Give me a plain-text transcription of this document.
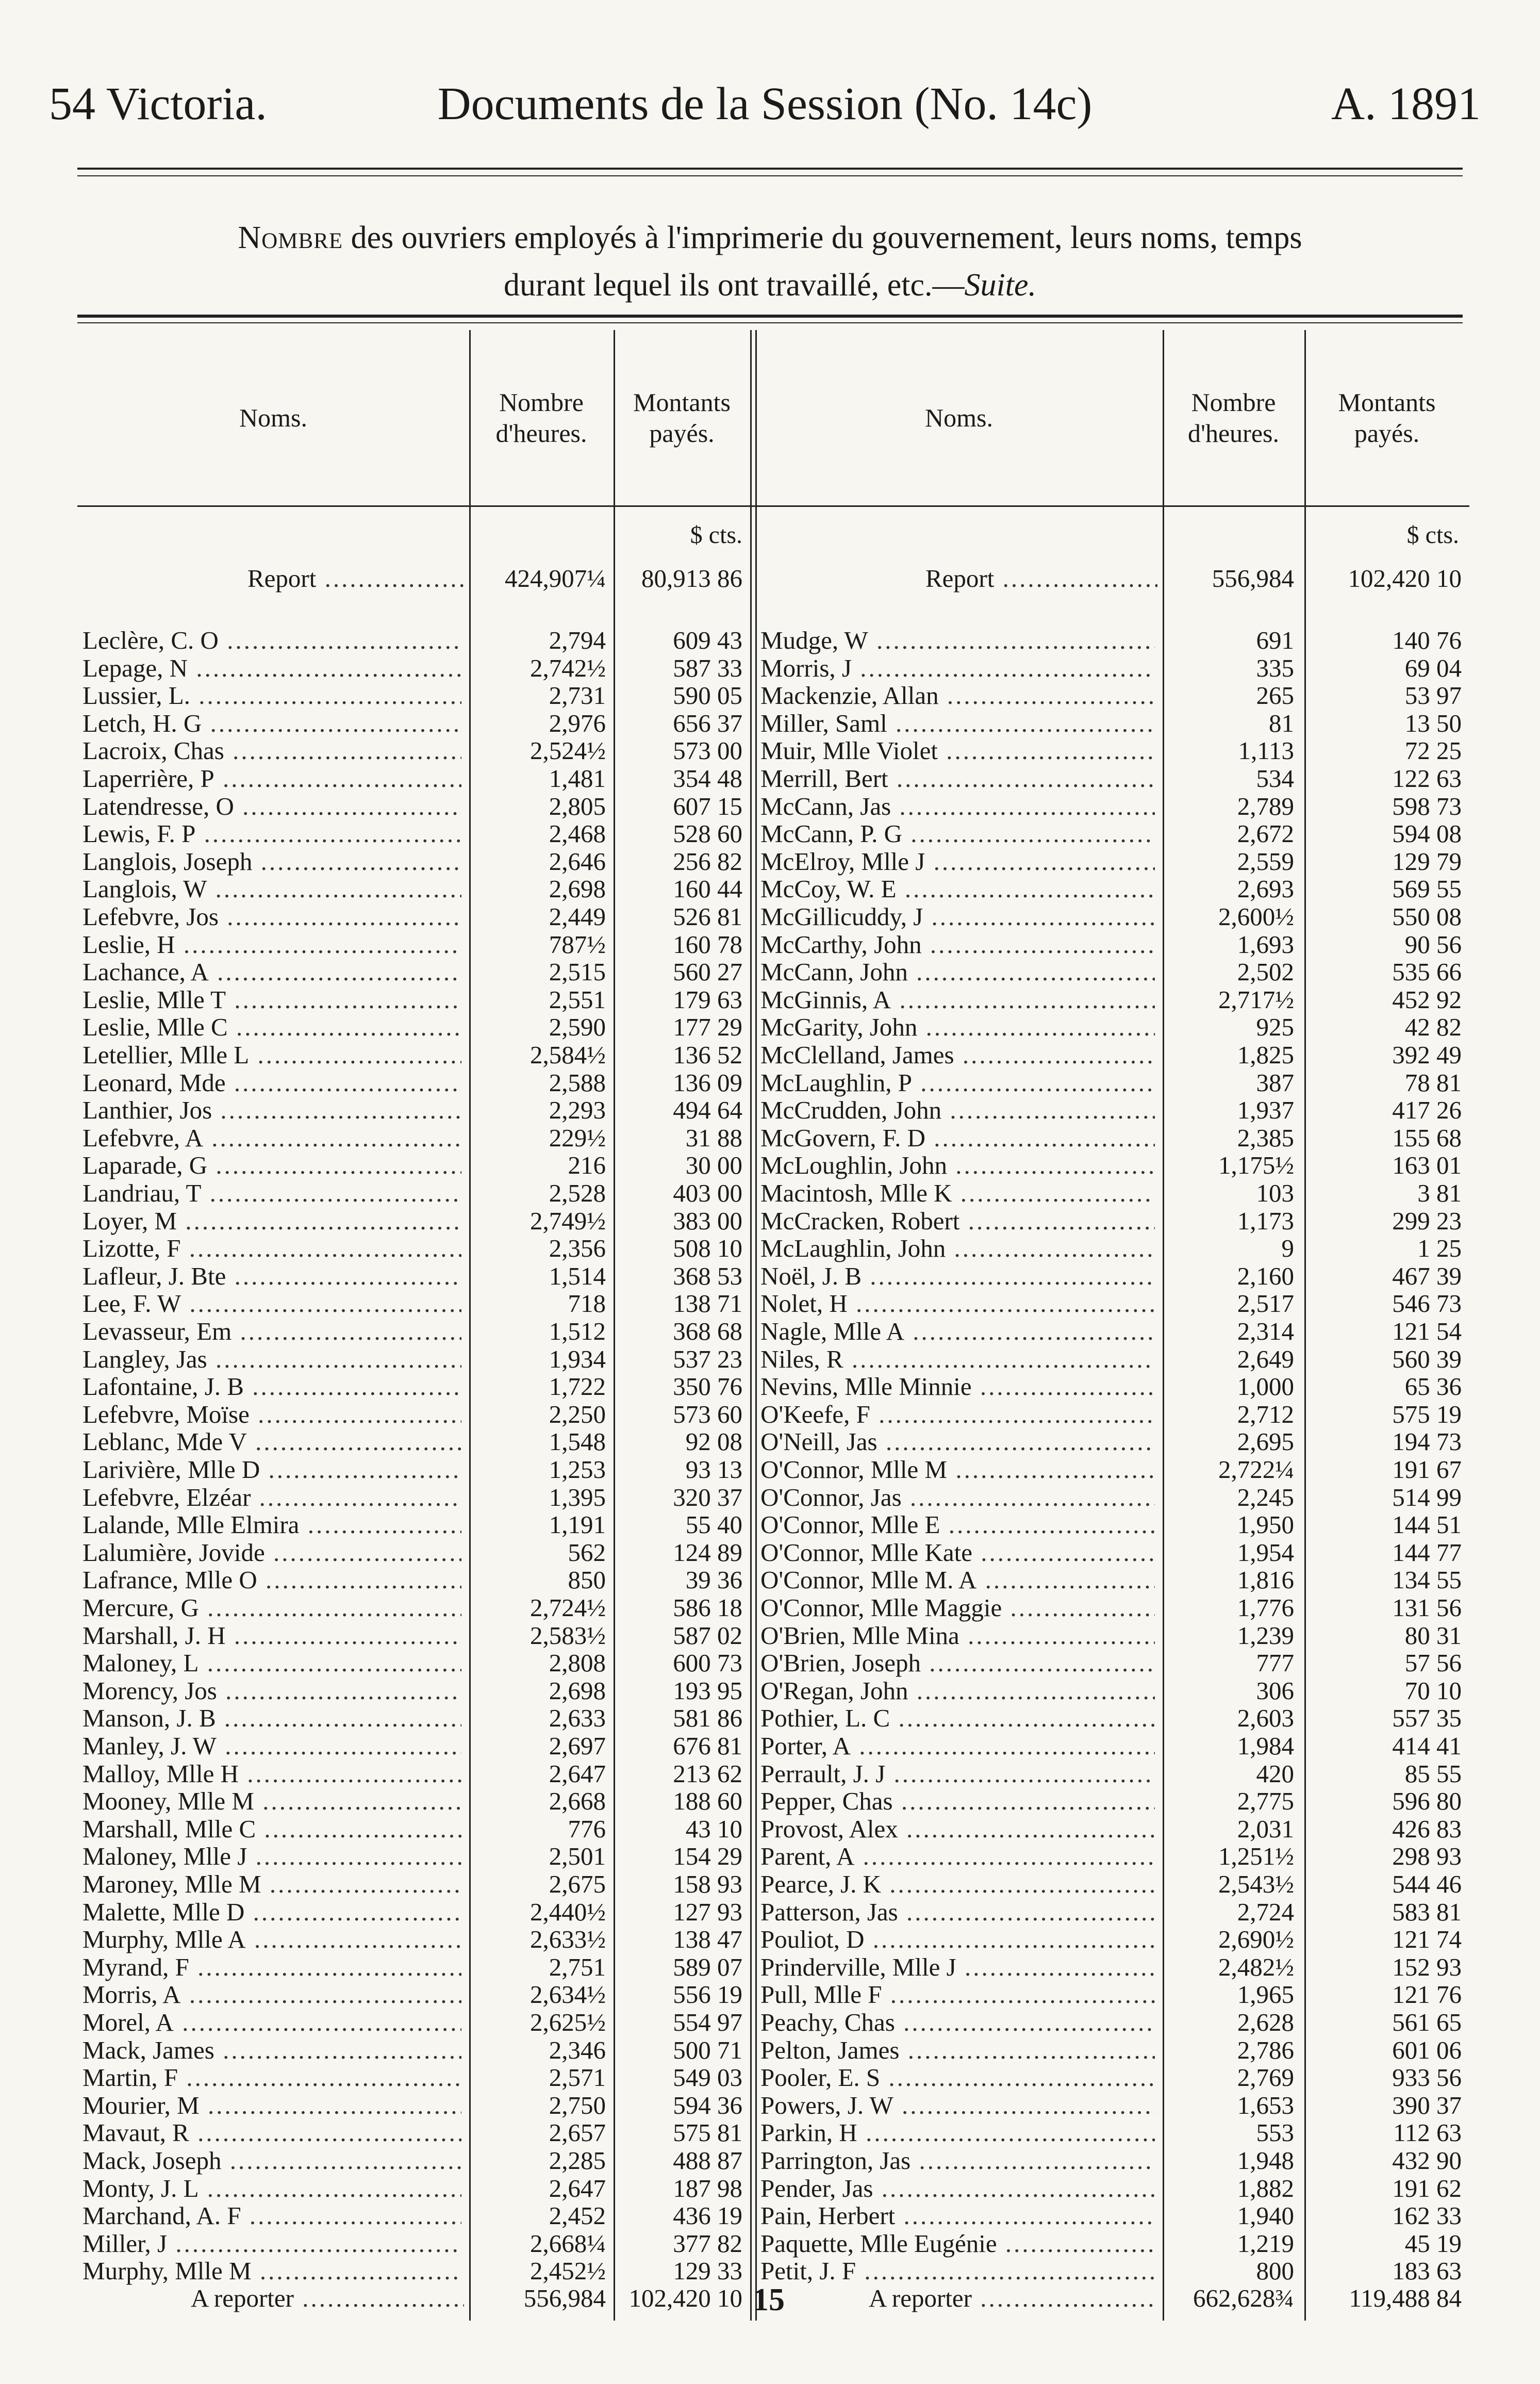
54 Victoria.	Documents de la Session (No. 14c)	A. 1891
Nombre des ouvriers employés à l'imprimerie du gouvernement, leurs noms, temps
durant lequel ils ont travaillé, etc.—Suite.
Noms.
Nombre d'heures.
Montants payés.
Noms.
Nombre d'heures.
Montants payés.
$ cts.	$ cts.
Report .....	424,907¼	80,913 86	Report .....	556,984	102,420 10
Leclère, C. O .....	2,794	609 43
Lepage, N .....	2,742½	587 33
Lussier, L. .....	2,731	590 05
Letch, H. G .....	2,976	656 37
Lacroix, Chas .....	2,524½	573 00
Laperrière, P .....	1,481	354 48
Latendresse, O .....	2,805	607 15
Lewis, F. P .....	2,468	528 60
Langlois, Joseph .....	2,646	256 82
Langlois, W .....	2,698	160 44
Lefebvre, Jos .....	2,449	526 81
Leslie, H .....	787½	160 78
Lachance, A .....	2,515	560 27
Leslie, Mlle T .....	2,551	179 63
Leslie, Mlle C .....	2,590	177 29
Letellier, Mlle L .....	2,584½	136 52
Leonard, Mde .....	2,588	136 09
Lanthier, Jos .....	2,293	494 64
Lefebvre, A .....	229½	31 88
Laparade, G .....	216	30 00
Landriau, T .....	2,528	403 00
Loyer, M .....	2,749½	383 00
Lizotte, F .....	2,356	508 10
Lafleur, J. Bte .....	1,514	368 53
Lee, F. W .....	718	138 71
Levasseur, Em .....	1,512	368 68
Langley, Jas .....	1,934	537 23
Lafontaine, J. B .....	1,722	350 76
Lefebvre, Moïse .....	2,250	573 60
Leblanc, Mde V .....	1,548	92 08
Larivière, Mlle D .....	1,253	93 13
Lefebvre, Elzéar .....	1,395	320 37
Lalande, Mlle Elmira .....	1,191	55 40
Lalumière, Jovide .....	562	124 89
Lafrance, Mlle O .....	850	39 36
Mercure, G .....	2,724½	586 18
Marshall, J. H .....	2,583½	587 02
Maloney, L .....	2,808	600 73
Morency, Jos .....	2,698	193 95
Manson, J. B .....	2,633	581 86
Manley, J. W .....	2,697	676 81
Malloy, Mlle H .....	2,647	213 62
Mooney, Mlle M .....	2,668	188 60
Marshall, Mlle C .....	776	43 10
Maloney, Mlle J .....	2,501	154 29
Maroney, Mlle M .....	2,675	158 93
Malette, Mlle D .....	2,440½	127 93
Murphy, Mlle A .....	2,633½	138 47
Myrand, F .....	2,751	589 07
Morris, A .....	2,634½	556 19
Morel, A .....	2,625½	554 97
Mack, James .....	2,346	500 71
Martin, F .....	2,571	549 03
Mourier, M .....	2,750	594 36
Mavaut, R .....	2,657	575 81
Mack, Joseph .....	2,285	488 87
Monty, J. L .....	2,647	187 98
Marchand, A. F .....	2,452	436 19
Miller, J .....	2,668¼	377 82
Murphy, Mlle M .....	2,452½	129 33
Mudge, W .....	691	140 76
Morris, J .....	335	69 04
Mackenzie, Allan .....	265	53 97
Miller, Saml .....	81	13 50
Muir, Mlle Violet .....	1,113	72 25
Merrill, Bert .....	534	122 63
McCann, Jas .....	2,789	598 73
McCann, P. G .....	2,672	594 08
McElroy, Mlle J .....	2,559	129 79
McCoy, W. E .....	2,693	569 55
McGillicuddy, J .....	2,600½	550 08
McCarthy, John .....	1,693	90 56
McCann, John .....	2,502	535 66
McGinnis, A .....	2,717½	452 92
McGarity, John .....	925	42 82
McClelland, James .....	1,825	392 49
McLaughlin, P .....	387	78 81
McCrudden, John .....	1,937	417 26
McGovern, F. D .....	2,385	155 68
McLoughlin, John .....	1,175½	163 01
Macintosh, Mlle K .....	103	3 81
McCracken, Robert .....	1,173	299 23
McLaughlin, John .....	9	1 25
Noël, J. B .....	2,160	467 39
Nolet, H .....	2,517	546 73
Nagle, Mlle A .....	2,314	121 54
Niles, R .....	2,649	560 39
Nevins, Mlle Minnie .....	1,000	65 36
O'Keefe, F .....	2,712	575 19
O'Neill, Jas .....	2,695	194 73
O'Connor, Mlle M .....	2,722¼	191 67
O'Connor, Jas .....	2,245	514 99
O'Connor, Mlle E .....	1,950	144 51
O'Connor, Mlle Kate .....	1,954	144 77
O'Connor, Mlle M. A .....	1,816	134 55
O'Connor, Mlle Maggie .....	1,776	131 56
O'Brien, Mlle Mina .....	1,239	80 31
O'Brien, Joseph .....	777	57 56
O'Regan, John .....	306	70 10
Pothier, L. C .....	2,603	557 35
Porter, A .....	1,984	414 41
Perrault, J. J .....	420	85 55
Pepper, Chas .....	2,775	596 80
Provost, Alex .....	2,031	426 83
Parent, A .....	1,251½	298 93
Pearce, J. K .....	2,543½	544 46
Patterson, Jas .....	2,724	583 81
Pouliot, D .....	2,690½	121 74
Prinderville, Mlle J .....	2,482½	152 93
Pull, Mlle F .....	1,965	121 76
Peachy, Chas .....	2,628	561 65
Pelton, James .....	2,786	601 06
Pooler, E. S .....	2,769	933 56
Powers, J. W .....	1,653	390 37
Parkin, H .....	553	112 63
Parrington, Jas .....	1,948	432 90
Pender, Jas .....	1,882	191 62
Pain, Herbert .....	1,940	162 33
Paquette, Mlle Eugénie .....	1,219	45 19
Petit, J. F .....	800	183 63
A reporter .....	556,984 102,420 10	A reporter .....	662,628¾	119,488 84
15
